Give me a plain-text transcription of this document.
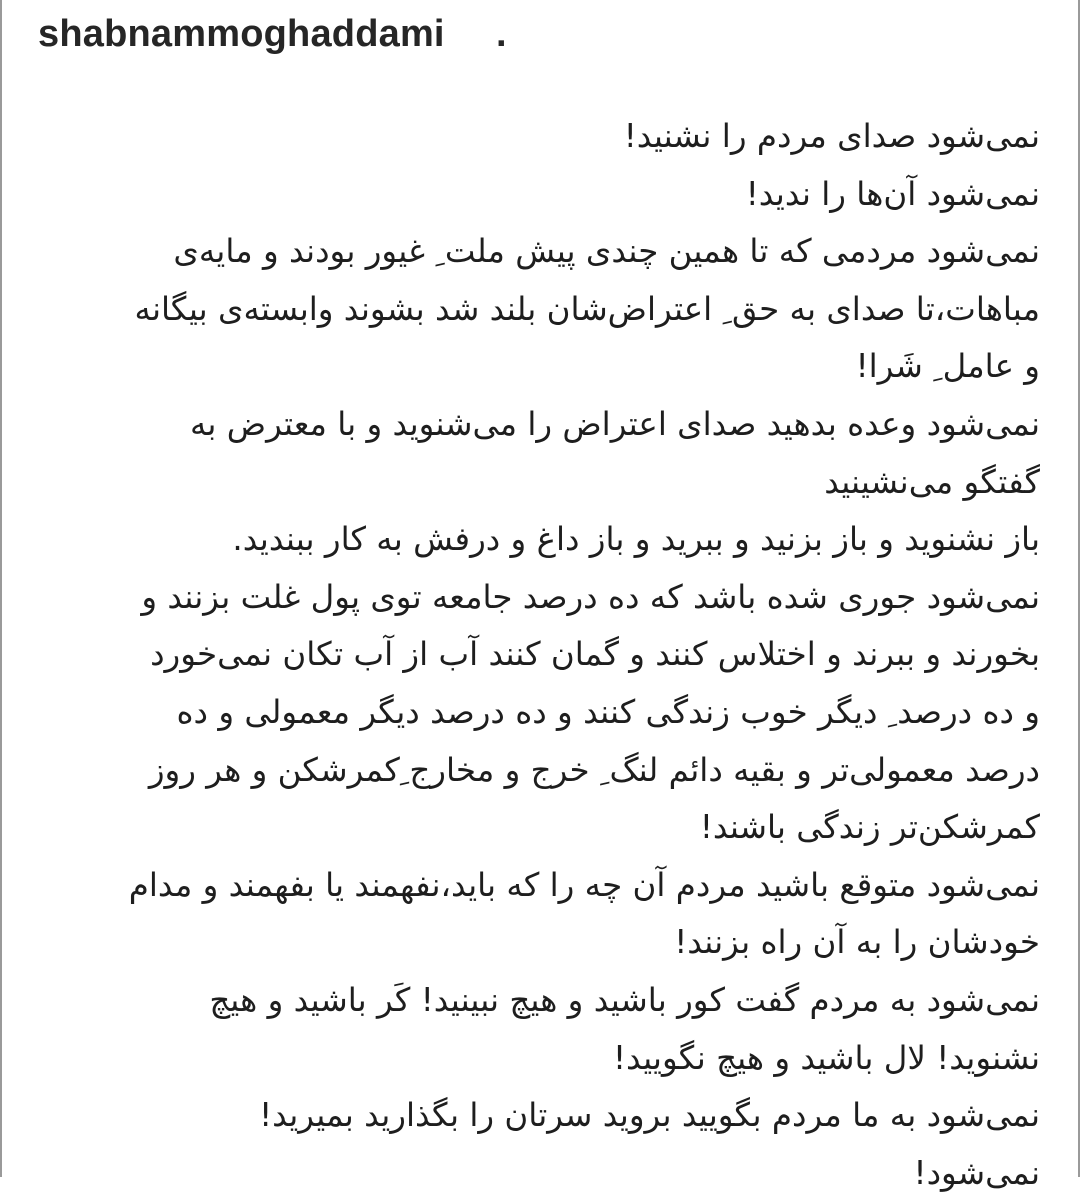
shabnammoghaddami .
نمی‌شود صدای مردم را نشنید!
نمی‌شود آن‌ها را ندید!
نمی‌شود مردمی که تا همین چندی پیش ملت ِ غیور بودند و مایه‌ی
مباهات،تا صدای به حق ِ اعتراض‌شان بلند شد بشوند وابسته‌ی بیگانه
و عامل ِ شَرا!
نمی‌شود وعده بدهید صدای اعتراض را می‌شنوید و با معترض به
گفتگو می‌نشینید
باز نشنوید و باز بزنید و ببرید و باز داغ و درفش به کار ببندید.
نمی‌شود جوری شده باشد که ده درصد جامعه توی پول غلت بزنند و
بخورند و ببرند و اختلاس کنند و گمان کنند آب از آب تکان نمی‌خورد
و ده درصد ِ دیگر خوب زندگی کنند و ده درصد دیگر معمولی و ده
درصد معمولی‌تر و بقیه دائم لنگ ِ خرج و مخارج ِکمرشکن و هر روز
کمرشکن‌تر زندگی باشند!
نمی‌شود متوقع باشید مردم آن چه را که باید،نفهمند یا بفهمند و مدام
خودشان را به آن راه بزنند!
نمی‌شود به مردم گفت کور باشید و هیچ نبینید! کَر باشید و هیچ
نشنوید! لال باشید و هیچ نگویید!
نمی‌شود به ما مردم بگویید بروید سرتان را بگذارید بمیرید!
نمی‌شود!
